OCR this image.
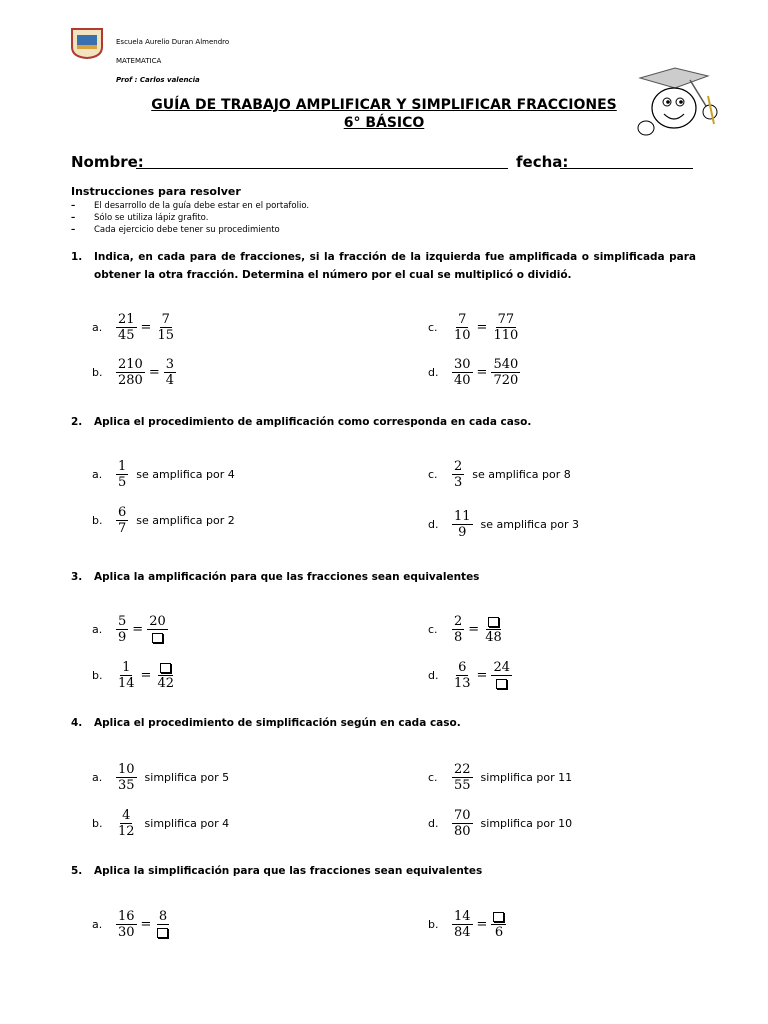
Escuela Aurelio Duran Almendro
MATEMATICA
Prof : Carlos valencia
GUÍA DE TRABAJO AMPLIFICAR Y SIMPLIFICAR FRACCIONES
6° BÁSICO
Nombre:	fecha:
Instrucciones para resolver
– El desarrollo de la guía debe estar en el portafolio.
– Sólo se utiliza lápiz grafito.
– Cada ejercicio debe tener su procedimiento
1. Indica, en cada para de fracciones, si la fracción de la izquierda fue amplificada o simplificada para obtener la otra fracción. Determina el número por el cual se multiplicó o dividió.
a.	$\frac{21}{45} = \frac{7}{15}$
b.	$\frac{210}{280} = \frac{3}{4}$
c.	$\frac{7}{10} = \frac{77}{110}$
d.	$\frac{30}{40} = \frac{540}{720}$
2. Aplica el procedimiento de amplificación como corresponda en cada caso.
a.	$\frac{1}{5}$ se amplifica por 4
b.	$\frac{6}{7}$ se amplifica por 2
c.	$\frac{2}{3}$ se amplifica por 8
d.	$\frac{11}{9}$ se amplifica por 3
3. Aplica la amplificación para que las fracciones sean equivalentes
a.	$\frac{5}{9}$ =
20
b.	$\frac{1}{14}$ =
42
c.	$\frac{2}{8}$ =
48
d.	$\frac{6}{13}$ =
24
4. Aplica el procedimiento de simplificación según en cada caso.
a.	$\frac{10}{35}$ simplifica por 5
b.	$\frac{4}{12}$ simplifica por 4
c.	$\frac{22}{55}$ simplifica por 11
d.	$\frac{70}{80}$ simplifica por 10
5. Aplica la simplificación para que las fracciones sean equivalentes
a.	$\frac{16}{30}$ =
8
b.	$\frac{14}{84}$ =
6
